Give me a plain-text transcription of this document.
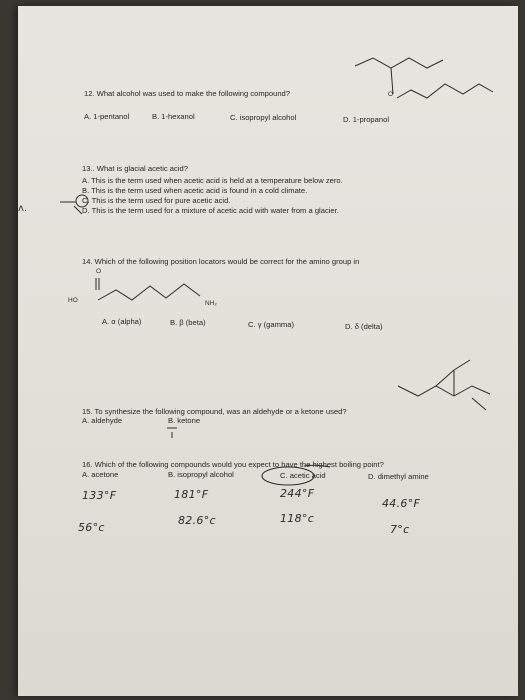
O
12. What alcohol was used to make the following compound?
A. 1-pentanol	B. 1-hexanol	C. isopropyl alcohol	D. 1-propanol
13.. What is glacial acetic acid?
A. This is the term used when acetic acid is held at a temperature below zero.
B. This is the term used when acetic acid is found in a cold climate.
C. This is the term used for pure acetic acid.
D. This is the term used for a mixture of acetic acid with water from a glacier.
ʌ.
14. Which of the following position locators would be correct for the amino group in
O
HO	NH₂
A. α (alpha)	B. β (beta)	C. γ (gamma)	D. δ (delta)
15. To synthesize the following compound, was an aldehyde or a ketone used?
A. aldehyde	B. ketone
16. Which of the following compounds would you expect to have the highest boiling point?
A. acetone	B. isopropyl alcohol	C. acetic acid	D. dimethyl amine
133°F	181°F	244°F
44.6°F
56°c
82.6°c	118°c
7°c
